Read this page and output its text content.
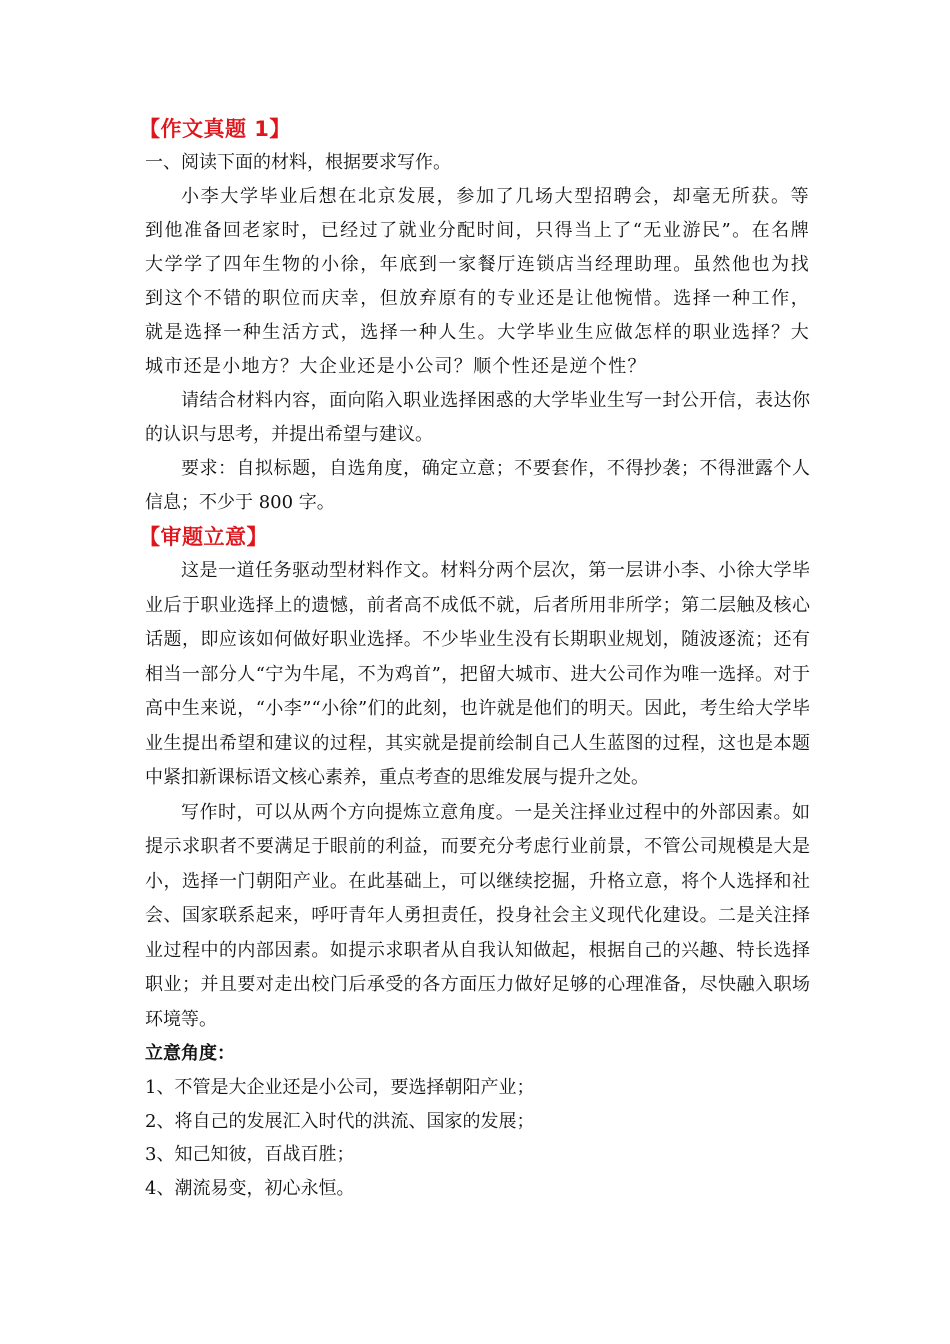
【作文真题 1】
一、阅读下面的材料，根据要求写作。

小李大学毕业后想在北京发展，参加了几场大型招聘会，却毫无所获。等到他准备回老家时，已经过了就业分配时间，只得当上了“无业游民”。在名牌大学学了四年生物的小徐，年底到一家餐厅连锁店当经理助理。虽然他也为找到这个不错的职位而庆幸，但放弃原有的专业还是让他惋惜。选择一种工作，就是选择一种生活方式，选择一种人生。大学毕业生应做怎样的职业选择？大城市还是小地方？大企业还是小公司？顺个性还是逆个性？

请结合材料内容，面向陷入职业选择困惑的大学毕业生写一封公开信，表达你的认识与思考，并提出希望与建议。

要求：自拟标题，自选角度，确定立意；不要套作，不得抄袭；不得泄露个人信息；不少于 800 字。

【审题立意】

这是一道任务驱动型材料作文。材料分两个层次，第一层讲小李、小徐大学毕业后于职业选择上的遗憾，前者高不成低不就，后者所用非所学；第二层触及核心话题，即应该如何做好职业选择。不少毕业生没有长期职业规划，随波逐流；还有相当一部分人“宁为牛尾，不为鸡首”，把留大城市、进大公司作为唯一选择。对于高中生来说，“小李”“小徐”们的此刻，也许就是他们的明天。因此，考生给大学毕业生提出希望和建议的过程，其实就是提前绘制自己人生蓝图的过程，这也是本题中紧扣新课标语文核心素养，重点考查的思维发展与提升之处。

写作时，可以从两个方向提炼立意角度。一是关注择业过程中的外部因素。如提示求职者不要满足于眼前的利益，而要充分考虑行业前景，不管公司规模是大是小，选择一门朝阳产业。在此基础上，可以继续挖掘，升格立意，将个人选择和社会、国家联系起来，呼吁青年人勇担责任，投身社会主义现代化建设。二是关注择业过程中的内部因素。如提示求职者从自我认知做起，根据自己的兴趣、特长选择职业；并且要对走出校门后承受的各方面压力做好足够的心理准备，尽快融入职场环境等。

立意角度：
1、不管是大企业还是小公司，要选择朝阳产业；
2、将自己的发展汇入时代的洪流、国家的发展；
3、知己知彼，百战百胜；
4、潮流易变，初心永恒。
